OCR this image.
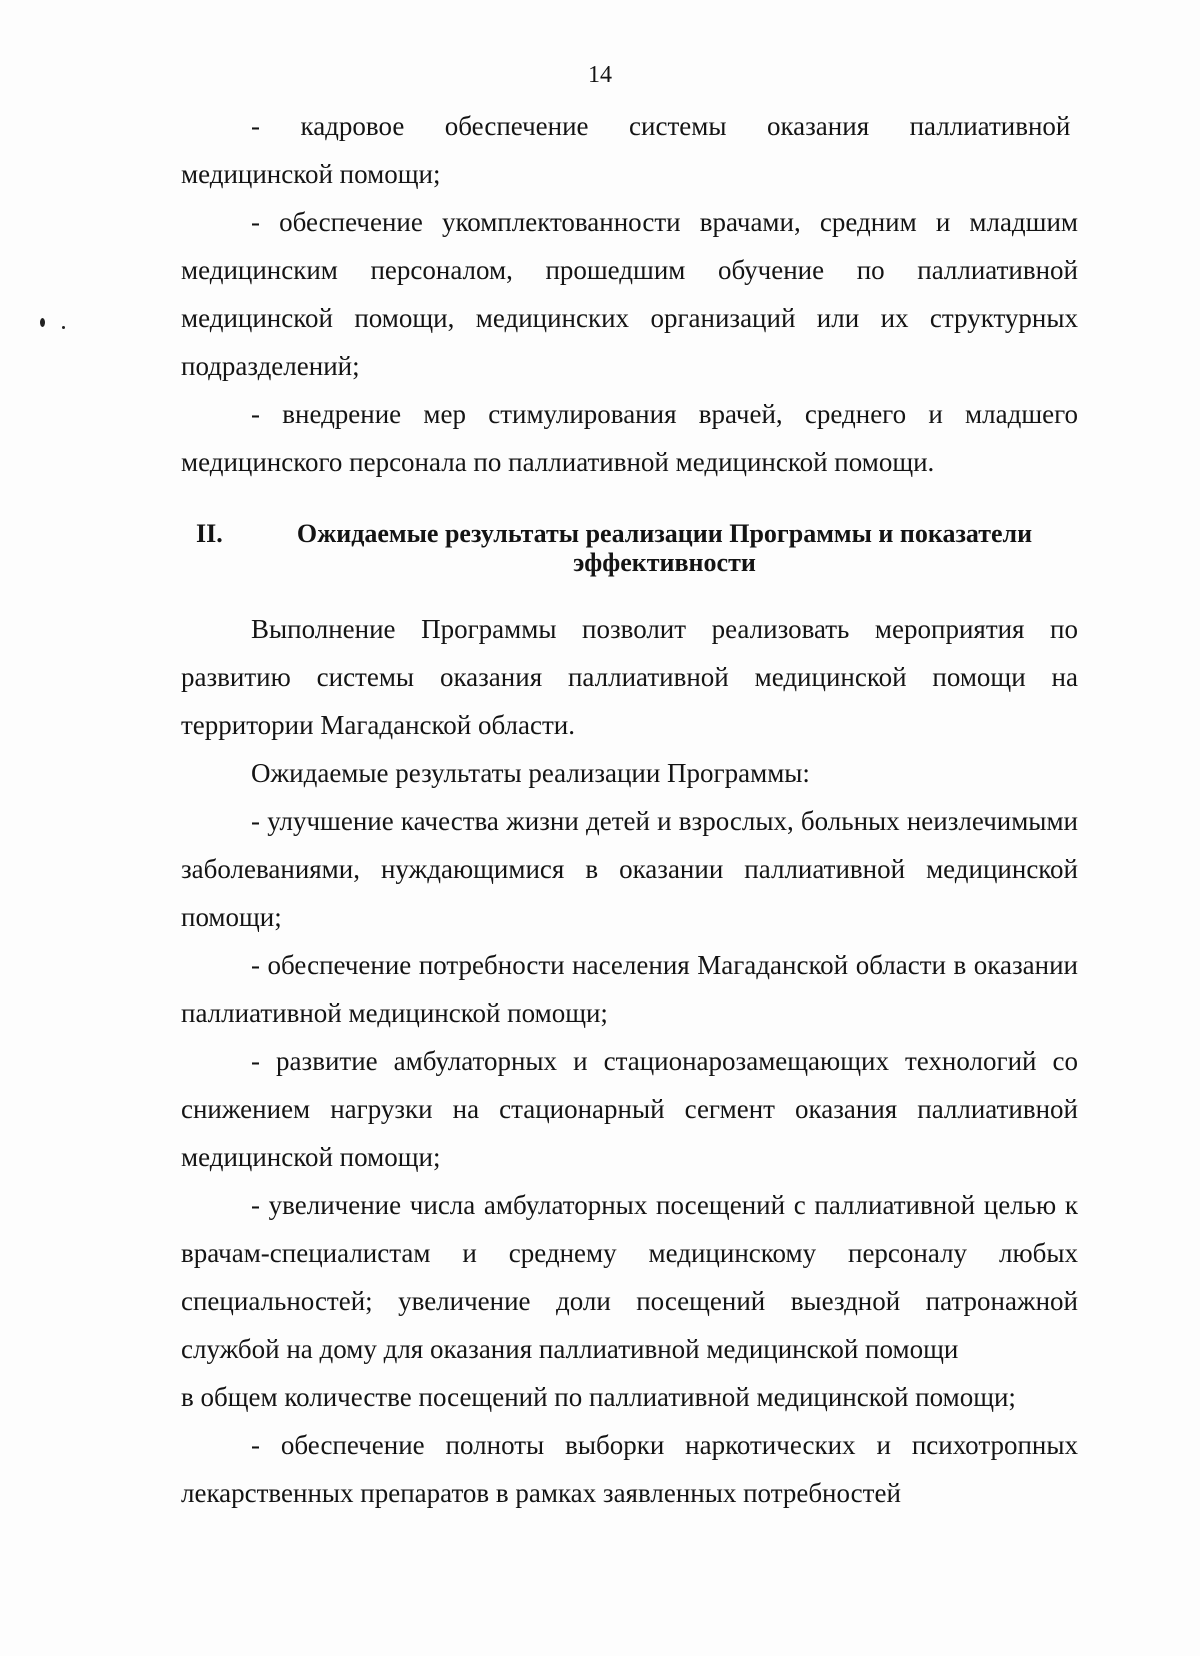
14

-   кадровое   обеспечение   системы   оказания   паллиативной медицинской помощи;

- обеспечение укомплектованности врачами, средним и младшим медицинским персоналом, прошедшим обучение по паллиативной медицинской помощи, медицинских организаций или их структурных подразделений;

- внедрение мер стимулирования врачей, среднего и младшего медицинского персонала по паллиативной медицинской помощи.

II.	Ожидаемые результаты реализации Программы и показатели
эффективности

Выполнение Программы позволит реализовать мероприятия по развитию системы оказания паллиативной медицинской помощи на территории Магаданской области.

Ожидаемые результаты реализации Программы:

- улучшение качества жизни детей и взрослых, больных неизлечимыми заболеваниями, нуждающимися в оказании паллиативной медицинской помощи;

- обеспечение потребности населения Магаданской области в оказании паллиативной медицинской помощи;

- развитие амбулаторных и стационарозамещающих технологий со снижением нагрузки на стационарный сегмент оказания паллиативной медицинской помощи;

- увеличение числа амбулаторных посещений с паллиативной целью к врачам-специалистам и среднему медицинскому персоналу любых специальностей; увеличение доли посещений выездной патронажной службой на дому для оказания паллиативной медицинской помощи

в общем количестве посещений по паллиативной медицинской помощи;

- обеспечение полноты выборки наркотических и психотропных лекарственных препаратов в рамках заявленных потребностей
